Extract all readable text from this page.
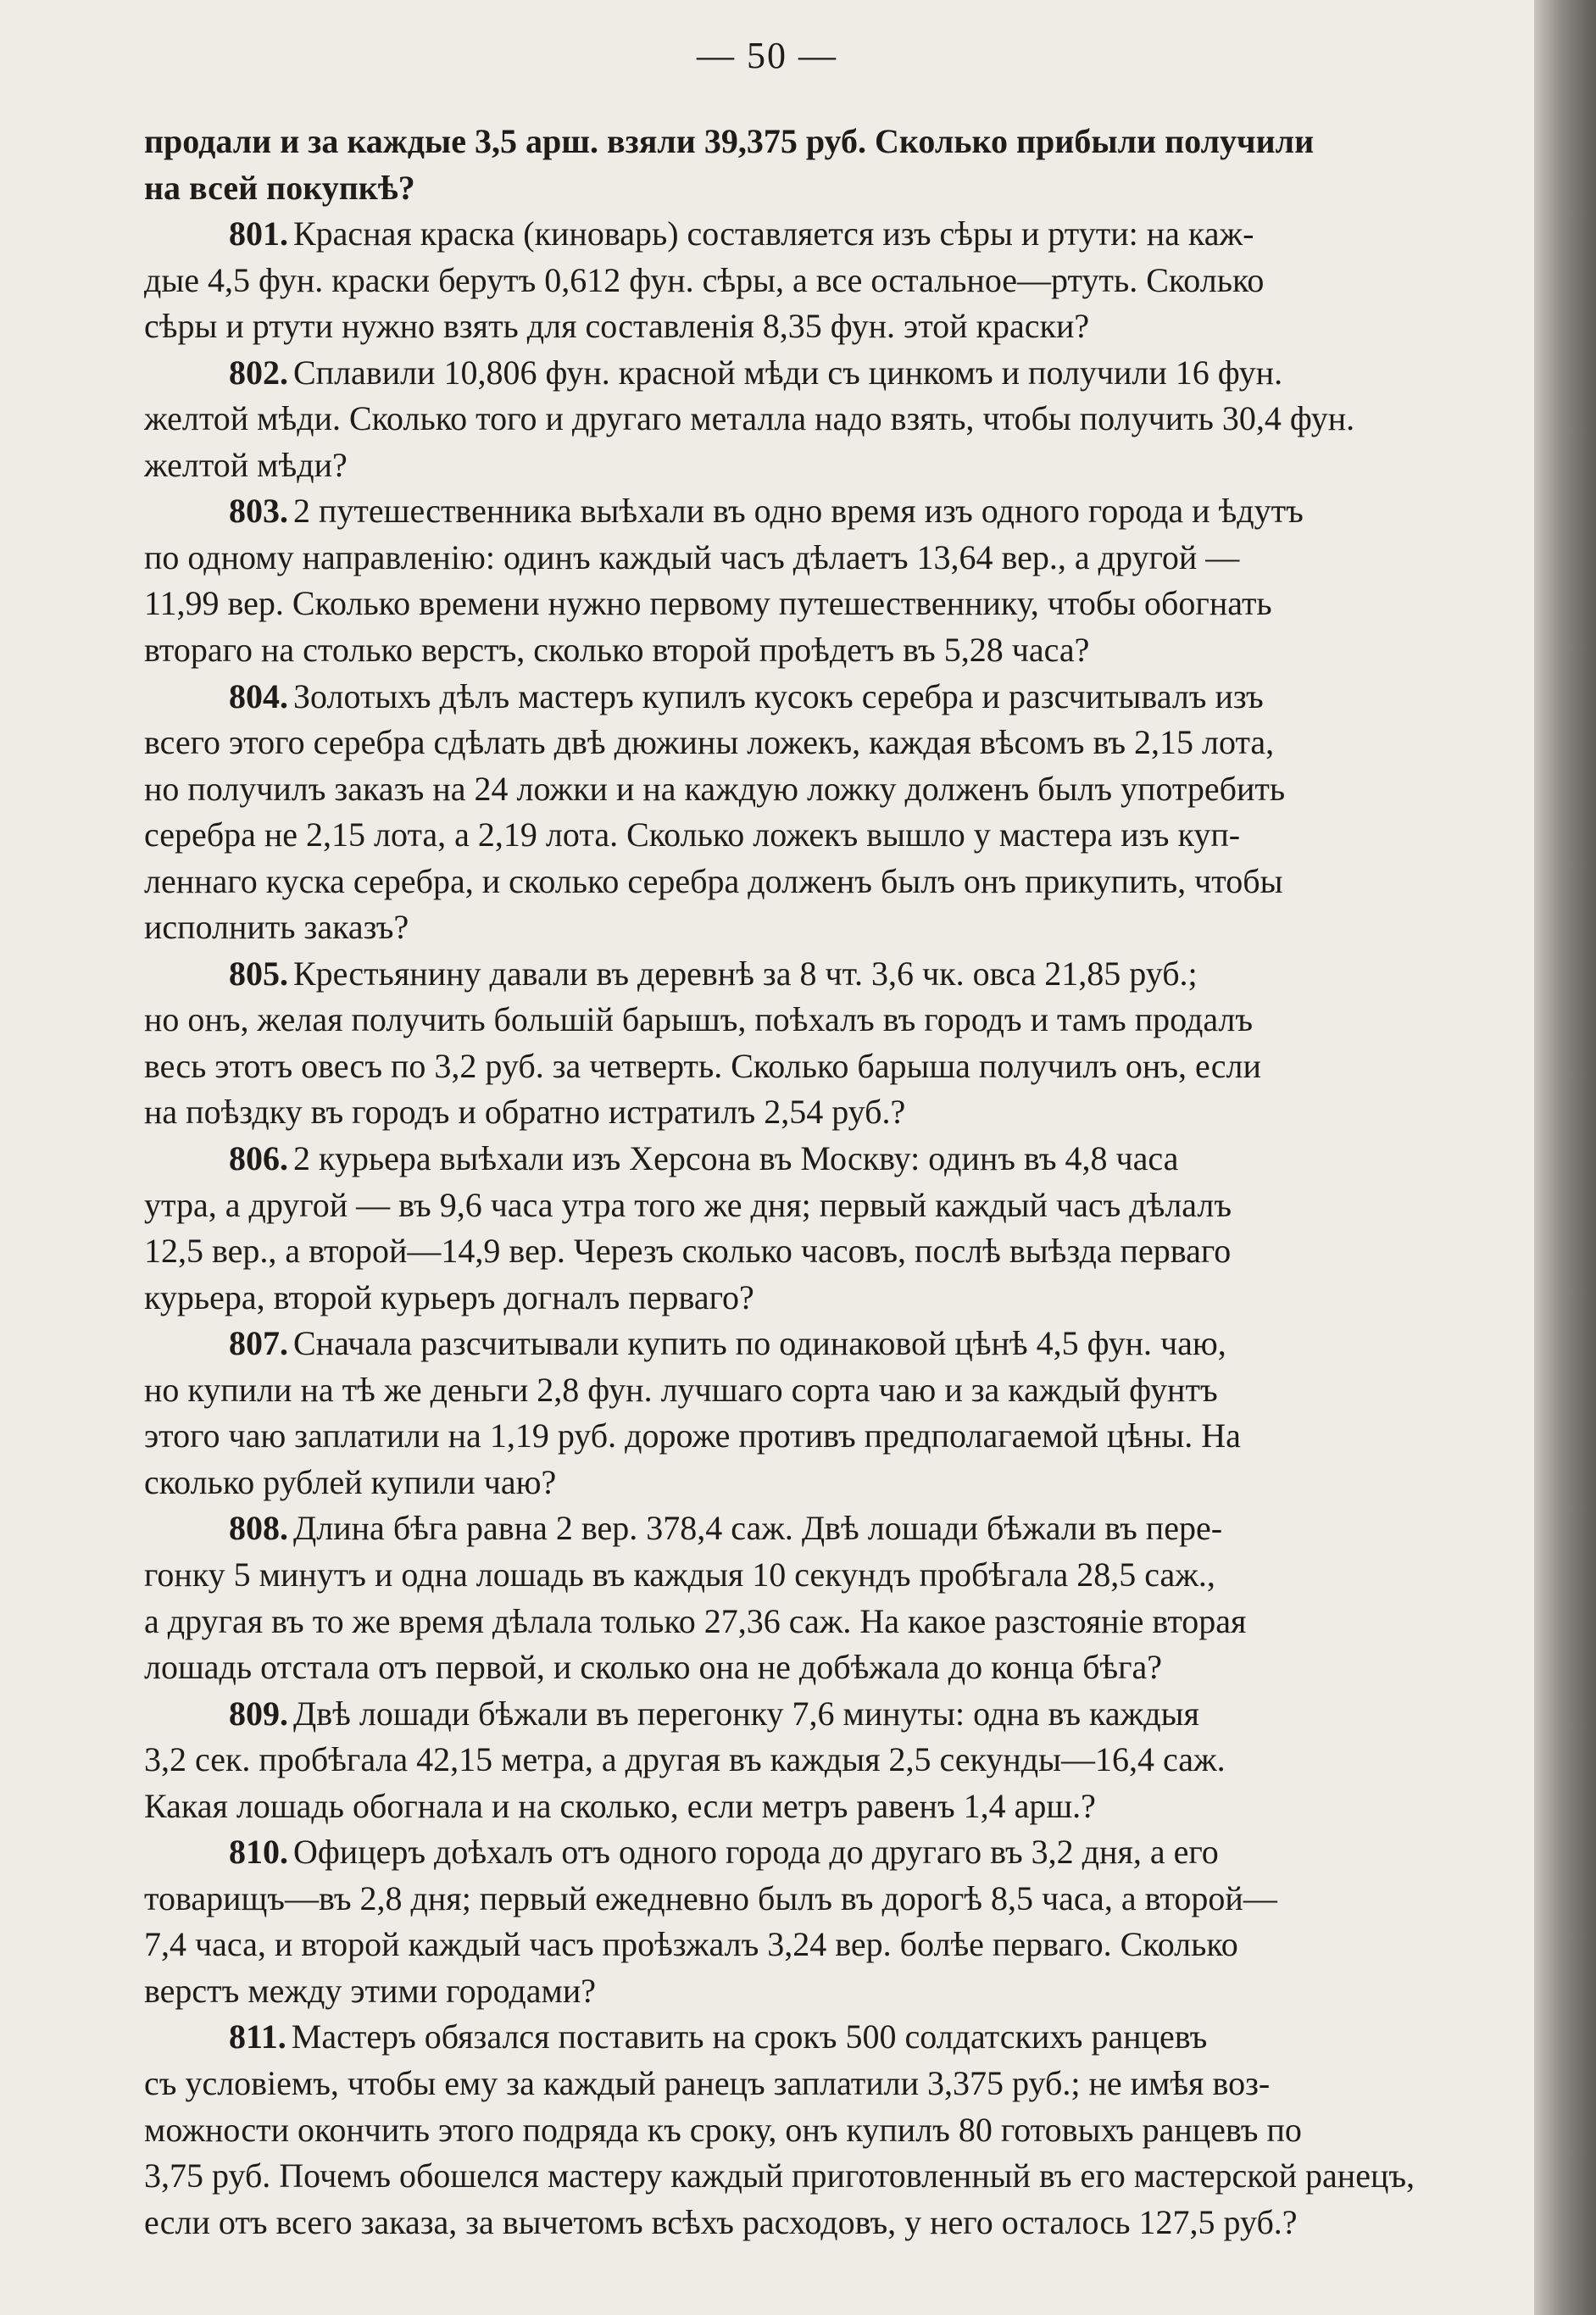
— 50 —
продали и за каждые 3,5 арш. взяли 39,375 руб. Сколько прибыли получили
на всей покупкѣ?
801. Красная краска (киноварь) составляется изъ сѣры и ртути: на каж-
дые 4,5 фун. краски берутъ 0,612 фун. сѣры, а все остальное—ртуть. Сколько
сѣры и ртути нужно взять для составленія 8,35 фун. этой краски?
802. Сплавили 10,806 фун. красной мѣди съ цинкомъ и получили 16 фун.
желтой мѣди. Сколько того и другаго металла надо взять, чтобы получить 30,4 фун.
желтой мѣди?
803. 2 путешественника выѣхали въ одно время изъ одного города и ѣдутъ
по одному направленію: одинъ каждый часъ дѣлаетъ 13,64 вер., а другой —
11,99 вер. Сколько времени нужно первому путешественнику, чтобы обогнать
втораго на столько верстъ, сколько второй проѣдетъ въ 5,28 часа?
804. Золотыхъ дѣлъ мастеръ купилъ кусокъ серебра и разсчитывалъ изъ
всего этого серебра сдѣлать двѣ дюжины ложекъ, каждая вѣсомъ въ 2,15 лота,
но получилъ заказъ на 24 ложки и на каждую ложку долженъ былъ употребить
серебра не 2,15 лота, а 2,19 лота. Сколько ложекъ вышло у мастера изъ куп-
леннаго куска серебра, и сколько серебра долженъ былъ онъ прикупить, чтобы
исполнить заказъ?
805. Крестьянину давали въ деревнѣ за 8 чт. 3,6 чк. овса 21,85 руб.;
но онъ, желая получить большій барышъ, поѣхалъ въ городъ и тамъ продалъ
весь этотъ овесъ по 3,2 руб. за четверть. Сколько барыша получилъ онъ, если
на поѣздку въ городъ и обратно истратилъ 2,54 руб.?
806. 2 курьера выѣхали изъ Херсона въ Москву: одинъ въ 4,8 часа
утра, а другой — въ 9,6 часа утра того же дня; первый каждый часъ дѣлалъ
12,5 вер., а второй—14,9 вер. Черезъ сколько часовъ, послѣ выѣзда перваго
курьера, второй курьеръ догналъ перваго?
807. Сначала разсчитывали купить по одинаковой цѣнѣ 4,5 фун. чаю,
но купили на тѣ же деньги 2,8 фун. лучшаго сорта чаю и за каждый фунтъ
этого чаю заплатили на 1,19 руб. дороже противъ предполагаемой цѣны. На
сколько рублей купили чаю?
808. Длина бѣга равна 2 вер. 378,4 саж. Двѣ лошади бѣжали въ пере-
гонку 5 минутъ и одна лошадь въ каждыя 10 секундъ пробѣгала 28,5 саж.,
а другая въ то же время дѣлала только 27,36 саж. На какое разстояніе вторая
лошадь отстала отъ первой, и сколько она не добѣжала до конца бѣга?
809. Двѣ лошади бѣжали въ перегонку 7,6 минуты: одна въ каждыя
3,2 сек. пробѣгала 42,15 метра, а другая въ каждыя 2,5 секунды—16,4 саж.
Какая лошадь обогнала и на сколько, если метръ равенъ 1,4 арш.?
810. Офицеръ доѣхалъ отъ одного города до другаго въ 3,2 дня, а его
товарищъ—въ 2,8 дня; первый ежедневно былъ въ дорогѣ 8,5 часа, а второй—
7,4 часа, и второй каждый часъ проѣзжалъ 3,24 вер. болѣе перваго. Сколько
верстъ между этими городами?
811. Мастеръ обязался поставить на срокъ 500 солдатскихъ ранцевъ
съ условіемъ, чтобы ему за каждый ранецъ заплатили 3,375 руб.; не имѣя воз-
можности окончить этого подряда къ сроку, онъ купилъ 80 готовыхъ ранцевъ по
3,75 руб. Почемъ обошелся мастеру каждый приготовленный въ его мастерской ранецъ,
если отъ всего заказа, за вычетомъ всѣхъ расходовъ, у него осталось 127,5 руб.?
